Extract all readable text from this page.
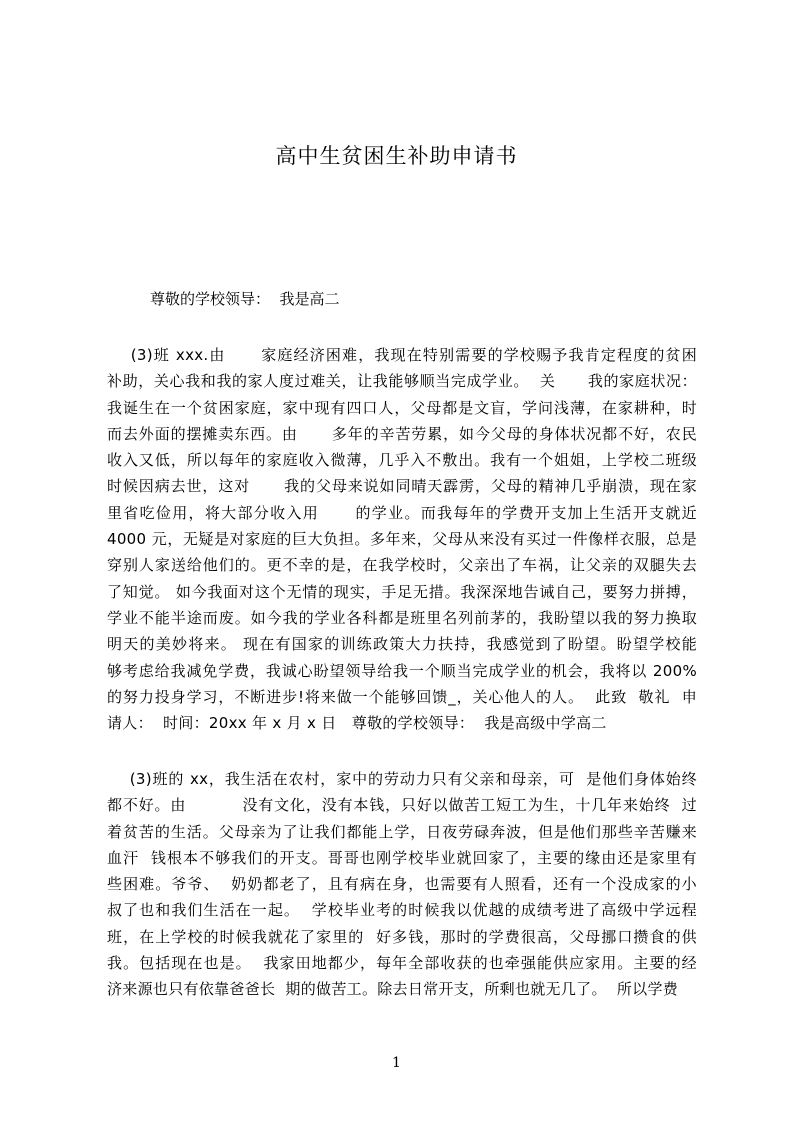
高中生贫困生补助申请书
尊敬的学校领导：  我是高二
(3)班 xxx.由      家庭经济困难，我现在特别需要的学校赐予我肯定程度的贫困
补助，关心我和我的家人度过难关，让我能够顺当完成学业。  关      我的家庭状况：
我诞生在一个贫困家庭，家中现有四口人，父母都是文盲，学问浅薄，在家耕种，时
而去外面的摆摊卖东西。由      多年的辛苦劳累，如今父母的身体状况都不好，农民
收入又低，所以每年的家庭收入微薄，几乎入不敷出。我有一个姐姐，上学校二班级
时候因病去世，这对      我的父母来说如同晴天霹雳，父母的精神几乎崩溃，现在家
里省吃俭用，将大部分收入用      的学业。而我每年的学费开支加上生活开支就近
4000 元，无疑是对家庭的巨大负担。多年来，父母从来没有买过一件像样衣服，总是
穿别人家送给他们的。更不幸的是，在我学校时，父亲出了车祸，让父亲的双腿失去
了知觉。 如今我面对这个无情的现实，手足无措。我深深地告诫自己，要努力拼搏，
学业不能半途而废。如今我的学业各科都是班里名列前茅的，我盼望以我的努力换取
明天的美妙将来。 现在有国家的训练政策大力扶持，我感觉到了盼望。盼望学校能
够考虑给我减免学费，我诚心盼望领导给我一个顺当完成学业的机会，我将以 200%
的努力投身学习，不断进步!将来做一个能够回馈_，关心他人的人。  此致  敬礼  申
请人：  时间：20xx 年 x 月 x 日   尊敬的学校领导：  我是高级中学高二
(3)班的 xx，我生活在农村，家中的劳动力只有父亲和母亲，可  是他们身体始终
都不好。由          没有文化，没有本钱，只好以做苦工短工为生，十几年来始终  过
着贫苦的生活。父母亲为了让我们都能上学，日夜劳碌奔波，但是他们那些辛苦赚来
血汗  钱根本不够我们的开支。哥哥也刚学校毕业就回家了，主要的缘由还是家里有
些困难。爷爷、  奶奶都老了，且有病在身，也需要有人照看，还有一个没成家的小
叔了也和我们生活在一起。  学校毕业考的时候我以优越的成绩考进了高级中学远程
班，在上学校的时候我就花了家里的  好多钱，那时的学费很高，父母挪口攒食的供
我。包括现在也是。  我家田地都少，每年全部收获的也牵强能供应家用。主要的经
济来源也只有依靠爸爸长  期的做苦工。除去日常开支，所剩也就无几了。  所以学费
1
